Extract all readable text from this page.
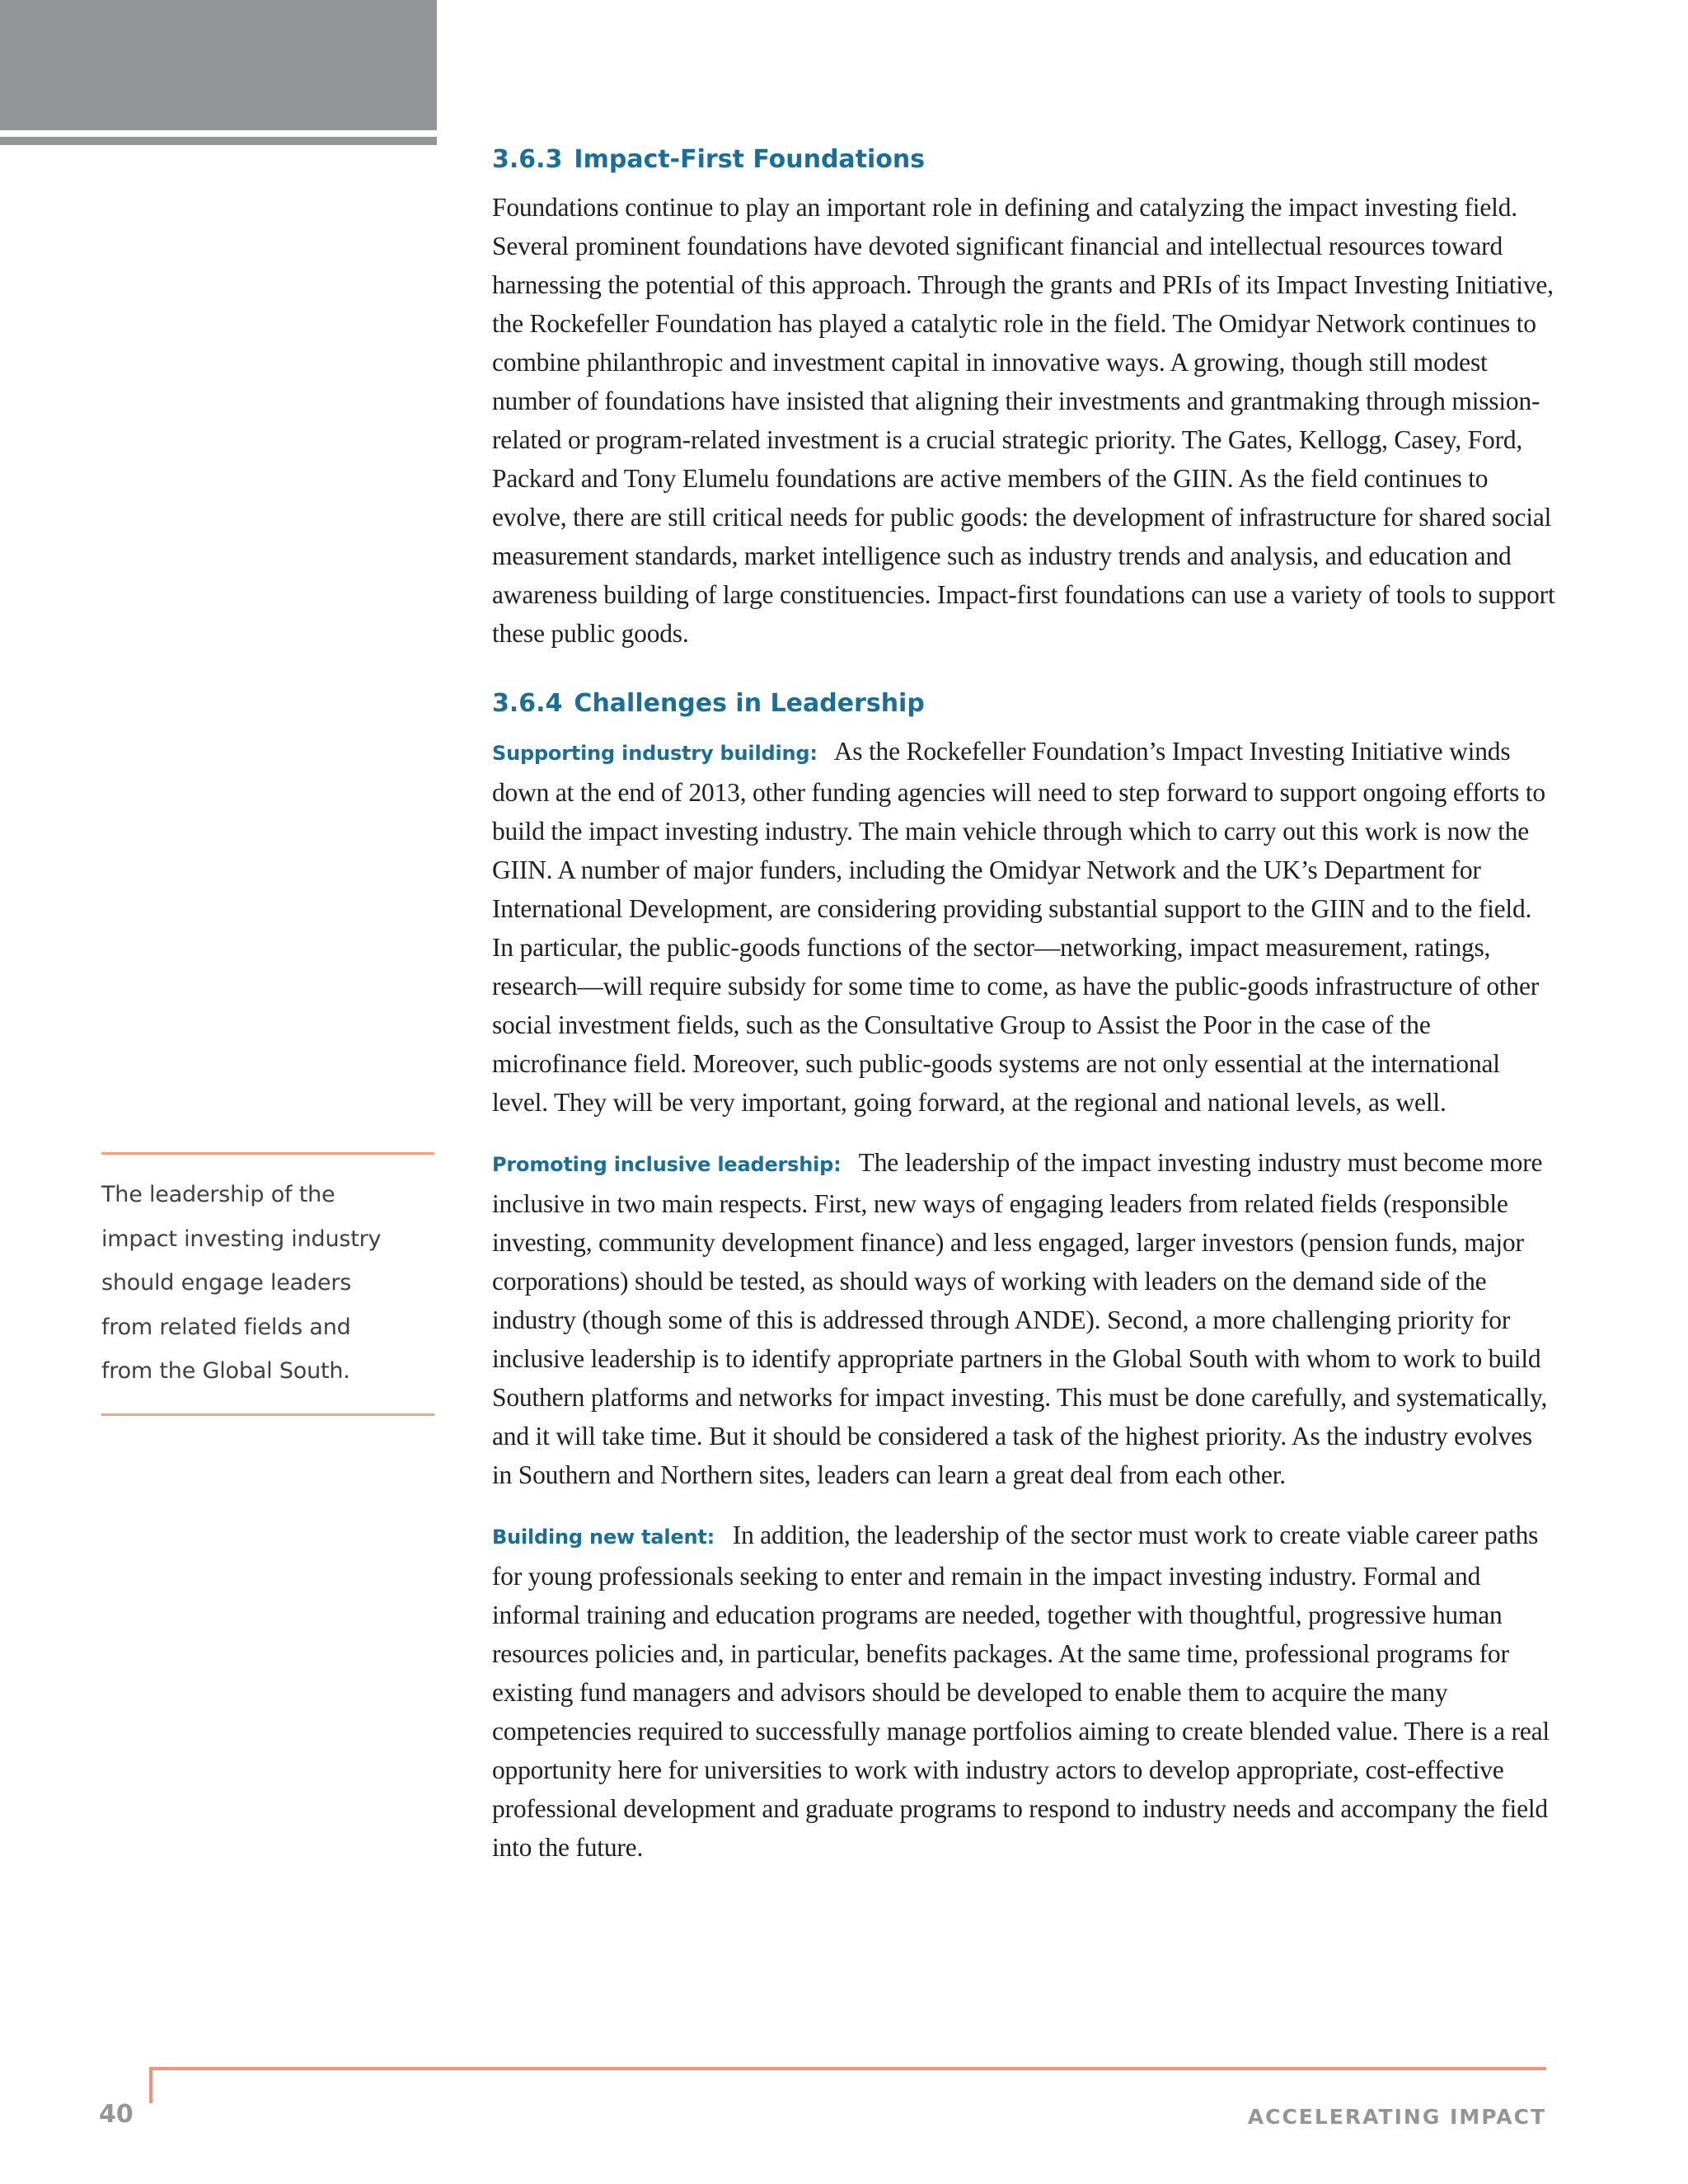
3.6.3 Impact-First Foundations

Foundations continue to play an important role in defining and catalyzing the impact investing field. Several prominent foundations have devoted significant financial and intellectual resources toward harnessing the potential of this approach. Through the grants and PRIs of its Impact Investing Initiative, the Rockefeller Foundation has played a catalytic role in the field. The Omidyar Network continues to combine philanthropic and investment capital in innovative ways. A growing, though still modest number of foundations have insisted that aligning their investments and grantmaking through mission-related or program-related investment is a crucial strategic priority. The Gates, Kellogg, Casey, Ford, Packard and Tony Elumelu foundations are active members of the GIIN. As the field continues to evolve, there are still critical needs for public goods: the development of infrastructure for shared social measurement standards, market intelligence such as industry trends and analysis, and education and awareness building of large constituencies. Impact-first foundations can use a variety of tools to support these public goods.

3.6.4 Challenges in Leadership

Supporting industry building: As the Rockefeller Foundation’s Impact Investing Initiative winds down at the end of 2013, other funding agencies will need to step forward to support ongoing efforts to build the impact investing industry. The main vehicle through which to carry out this work is now the GIIN. A number of major funders, including the Omidyar Network and the UK’s Department for International Development, are considering providing substantial support to the GIIN and to the field. In particular, the public-goods functions of the sector—networking, impact measurement, ratings, research—will require subsidy for some time to come, as have the public-goods infrastructure of other social investment fields, such as the Consultative Group to Assist the Poor in the case of the microfinance field. Moreover, such public-goods systems are not only essential at the international level. They will be very important, going forward, at the regional and national levels, as well.

Promoting inclusive leadership: The leadership of the impact investing industry must become more inclusive in two main respects. First, new ways of engaging leaders from related fields (responsible investing, community development finance) and less engaged, larger investors (pension funds, major corporations) should be tested, as should ways of working with leaders on the demand side of the industry (though some of this is addressed through ANDE). Second, a more challenging priority for inclusive leadership is to identify appropriate partners in the Global South with whom to work to build Southern platforms and networks for impact investing. This must be done carefully, and systematically, and it will take time. But it should be considered a task of the highest priority. As the industry evolves in Southern and Northern sites, leaders can learn a great deal from each other.

Building new talent: In addition, the leadership of the sector must work to create viable career paths for young professionals seeking to enter and remain in the impact investing industry. Formal and informal training and education programs are needed, together with thoughtful, progressive human resources policies and, in particular, benefits packages. At the same time, professional programs for existing fund managers and advisors should be developed to enable them to acquire the many competencies required to successfully manage portfolios aiming to create blended value. There is a real opportunity here for universities to work with industry actors to develop appropriate, cost-effective professional development and graduate programs to respond to industry needs and accompany the field into the future.

The leadership of the
impact investing industry
should engage leaders
from related fields and
from the Global South.

40	ACCELERATING IMPACT
